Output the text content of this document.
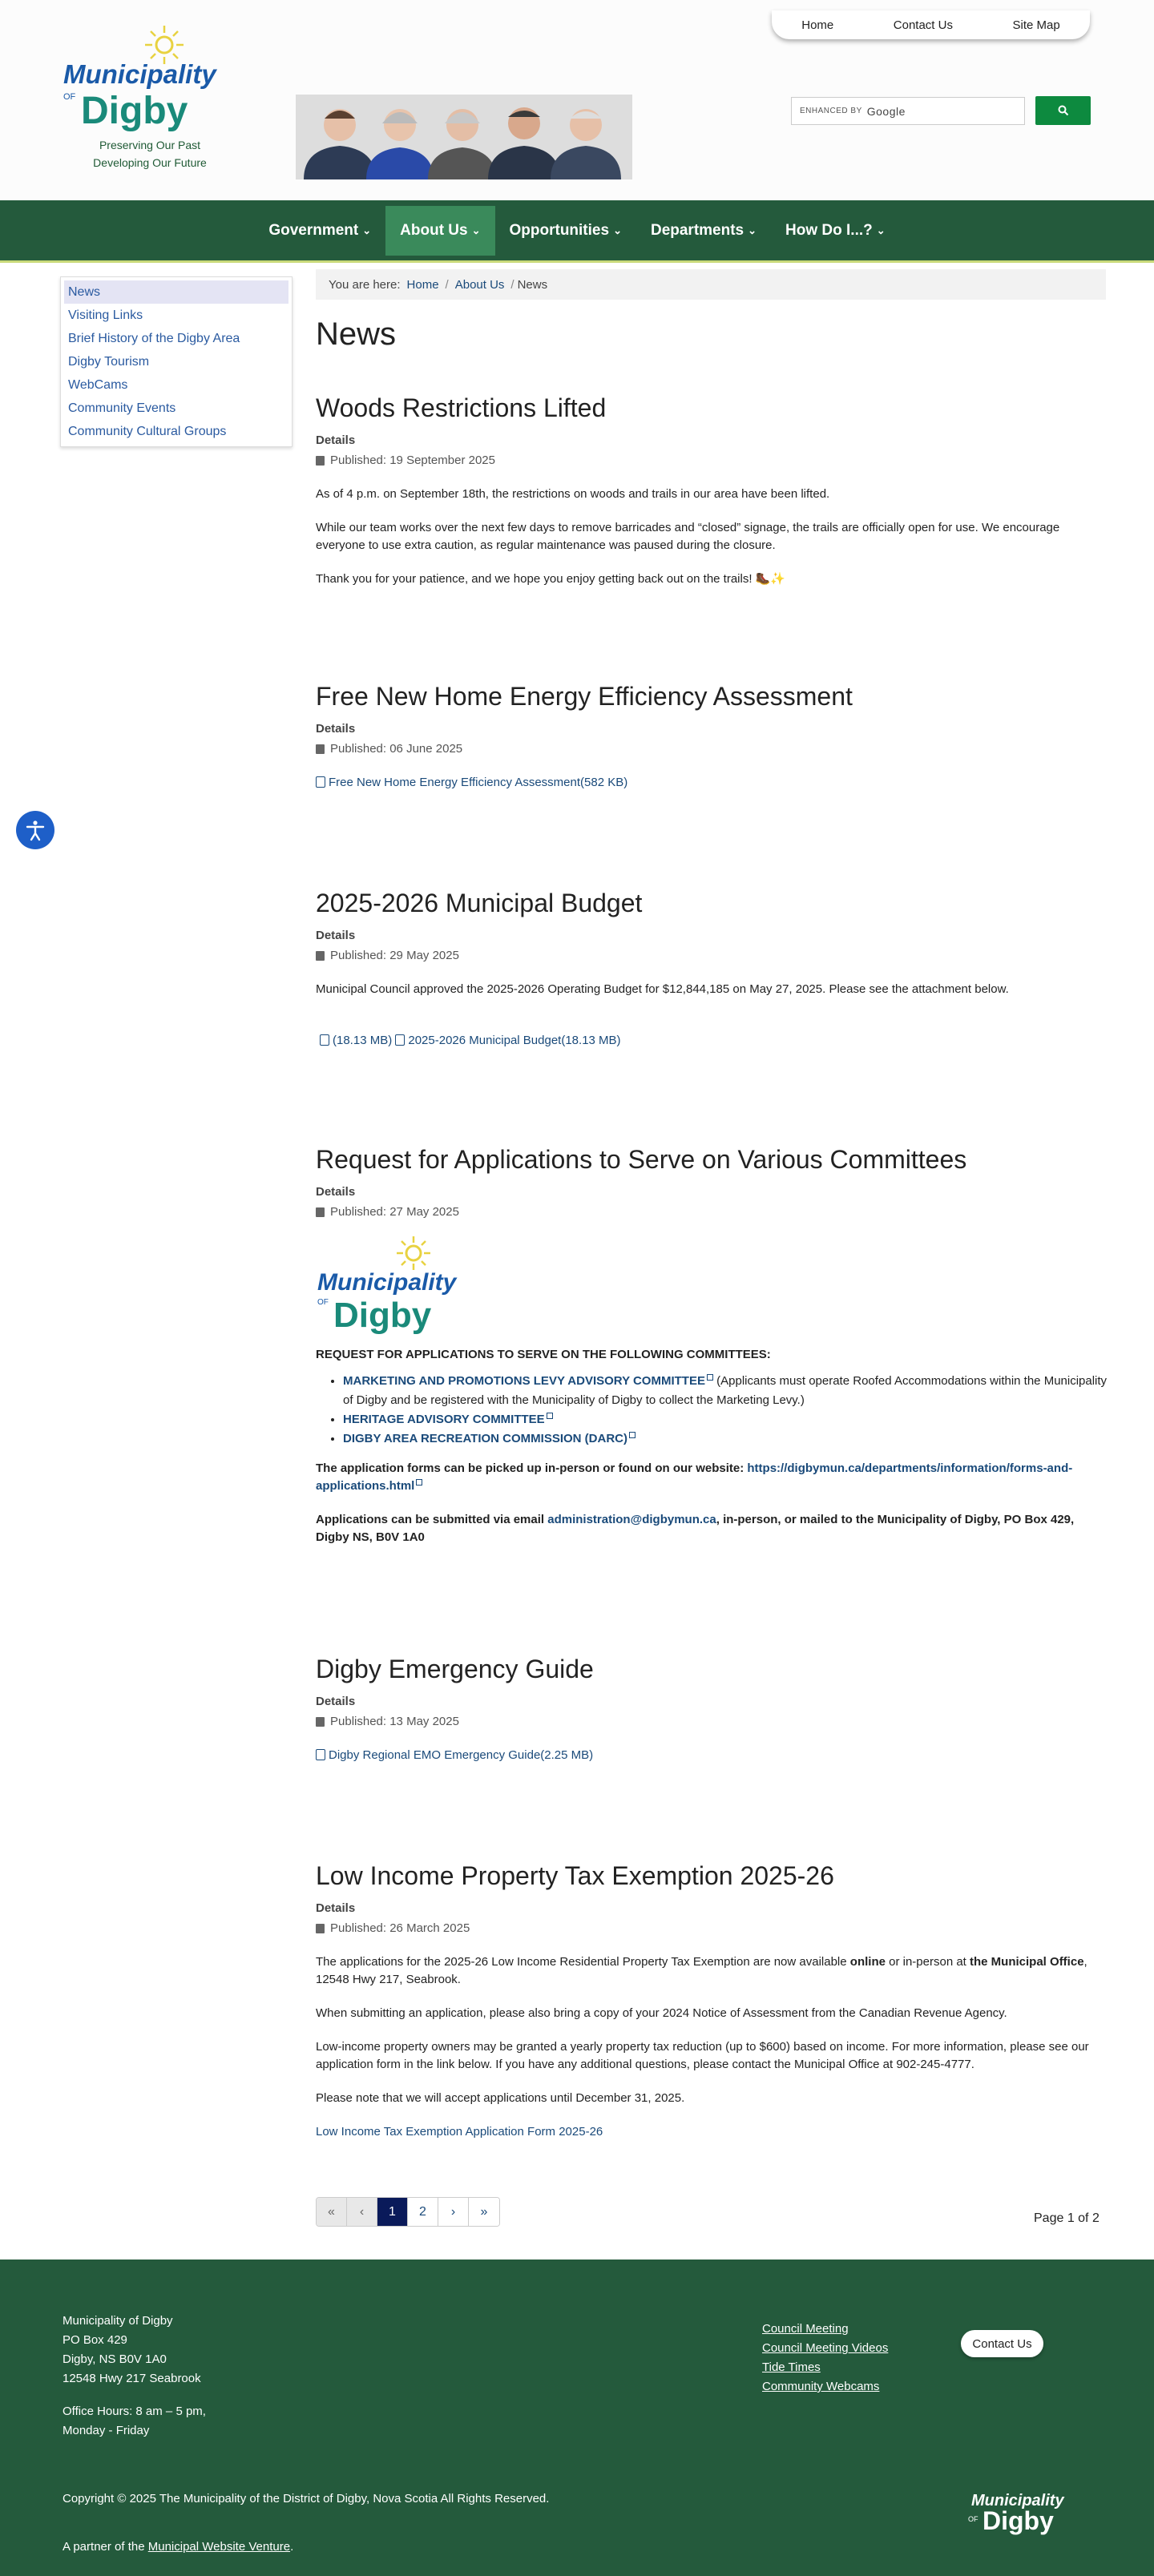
Home	Contact Us	Site Map
Municipality
OF Digby
Preserving Our Past
Developing Our Future
ENHANCED BY Google
Government ⌄ About Us ⌄ Opportunities ⌄ Departments ⌄ How Do I...? ⌄
News
Visiting Links
Brief History of the Digby Area
Digby Tourism
WebCams
Community Events
Community Cultural Groups
You are here: Home / About Us / News
News
Woods Restrictions Lifted
Details
Published: 19 September 2025

As of 4 p.m. on September 18th, the restrictions on woods and trails in our area have been lifted.

While our team works over the next few days to remove barricades and “closed” signage, the trails are officially open for use. We encourage everyone to use extra caution, as regular maintenance was paused during the closure.

Thank you for your patience, and we hope you enjoy getting back out on the trails! 🥾✨

Free New Home Energy Efficiency Assessment
Details
Published: 06 June 2025

Free New Home Energy Efficiency Assessment(582 KB)

2025-2026 Municipal Budget
Details
Published: 29 May 2025

Municipal Council approved the 2025-2026 Operating Budget for $12,844,185 on May 27, 2025. Please see the attachment below.

(18.13 MB) 2025-2026 Municipal Budget(18.13 MB)

Request for Applications to Serve on Various Committees
Details
Published: 27 May 2025
Municipality
OF Digby

REQUEST FOR APPLICATIONS TO SERVE ON THE FOLLOWING COMMITTEES:

• MARKETING AND PROMOTIONS LEVY ADVISORY COMMITTEE (Applicants must operate Roofed Accommodations within the Municipality of Digby and be registered with the Municipality of Digby to collect the Marketing Levy.)
• HERITAGE ADVISORY COMMITTEE
• DIGBY AREA RECREATION COMMISSION (DARC)

The application forms can be picked up in-person or found on our website: https://digbymun.ca/departments/information/forms-and-applications.html

Applications can be submitted via email administration@digbymun.ca, in-person, or mailed to the Municipality of Digby, PO Box 429, Digby NS, B0V 1A0

Digby Emergency Guide
Details
Published: 13 May 2025

Digby Regional EMO Emergency Guide(2.25 MB)

Low Income Property Tax Exemption 2025-26
Details
Published: 26 March 2025

The applications for the 2025-26 Low Income Residential Property Tax Exemption are now available online or in-person at the Municipal Office, 12548 Hwy 217, Seabrook.

When submitting an application, please also bring a copy of your 2024 Notice of Assessment from the Canadian Revenue Agency.

Low-income property owners may be granted a yearly property tax reduction (up to $600) based on income. For more information, please see our application form in the link below. If you have any additional questions, please contact the Municipal Office at 902-245-4777.

Please note that we will accept applications until December 31, 2025.

Low Income Tax Exemption Application Form 2025-26

« ‹	1	2	› »	Page 1 of 2
Municipality of Digby
PO Box 429
Digby, NS B0V 1A0
12548 Hwy 217 Seabrook
Office Hours: 8 am – 5 pm,
Monday - Friday
Council Meeting
Council Meeting Videos
Tide Times
Community Webcams
Contact Us
Copyright © 2025 The Municipality of the District of Digby, Nova Scotia All Rights Reserved.
A partner of the Municipal Website Venture.
Municipality
OF Digby
